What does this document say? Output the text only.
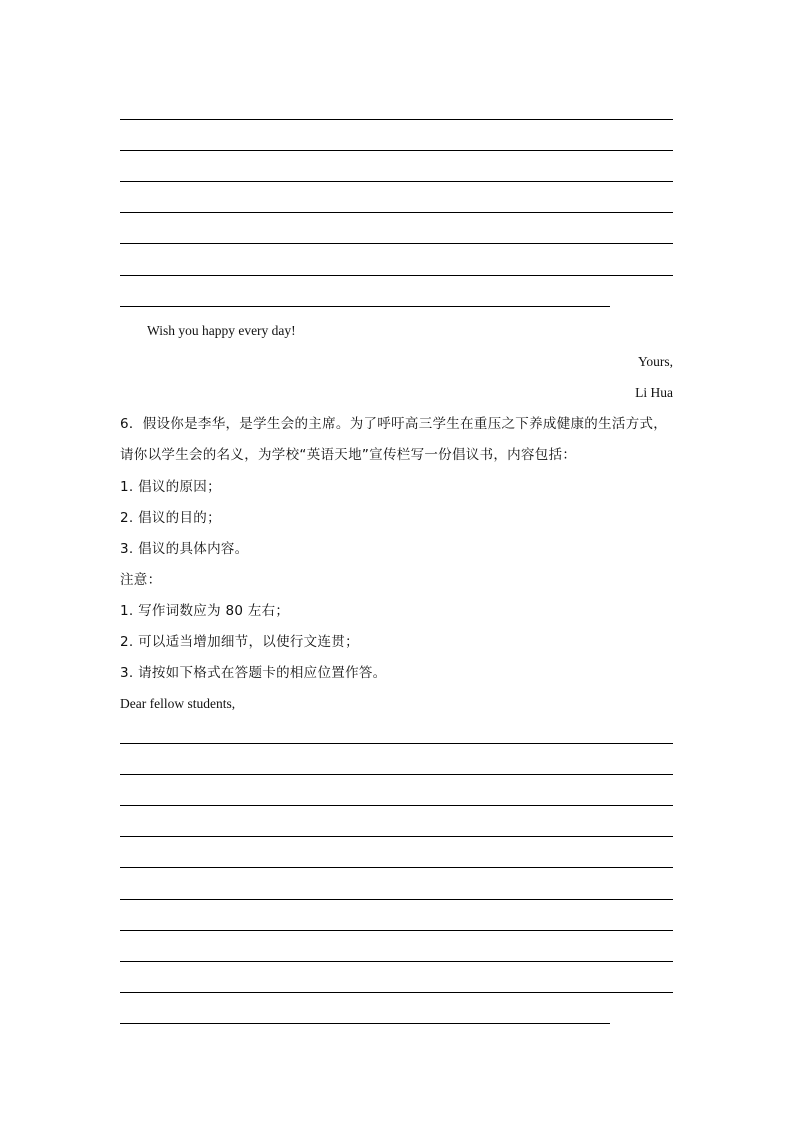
Wish you happy every day!
Yours,
Li Hua
6．假设你是李华，是学生会的主席。为了呼吁高三学生在重压之下养成健康的生活方式，
请你以学生会的名义，为学校“英语天地”宣传栏写一份倡议书，内容包括：
1. 倡议的原因；
2. 倡议的目的；
3. 倡议的具体内容。
注意：
1. 写作词数应为 80 左右；
2. 可以适当增加细节，以使行文连贯；
3. 请按如下格式在答题卡的相应位置作答。
Dear fellow students,
